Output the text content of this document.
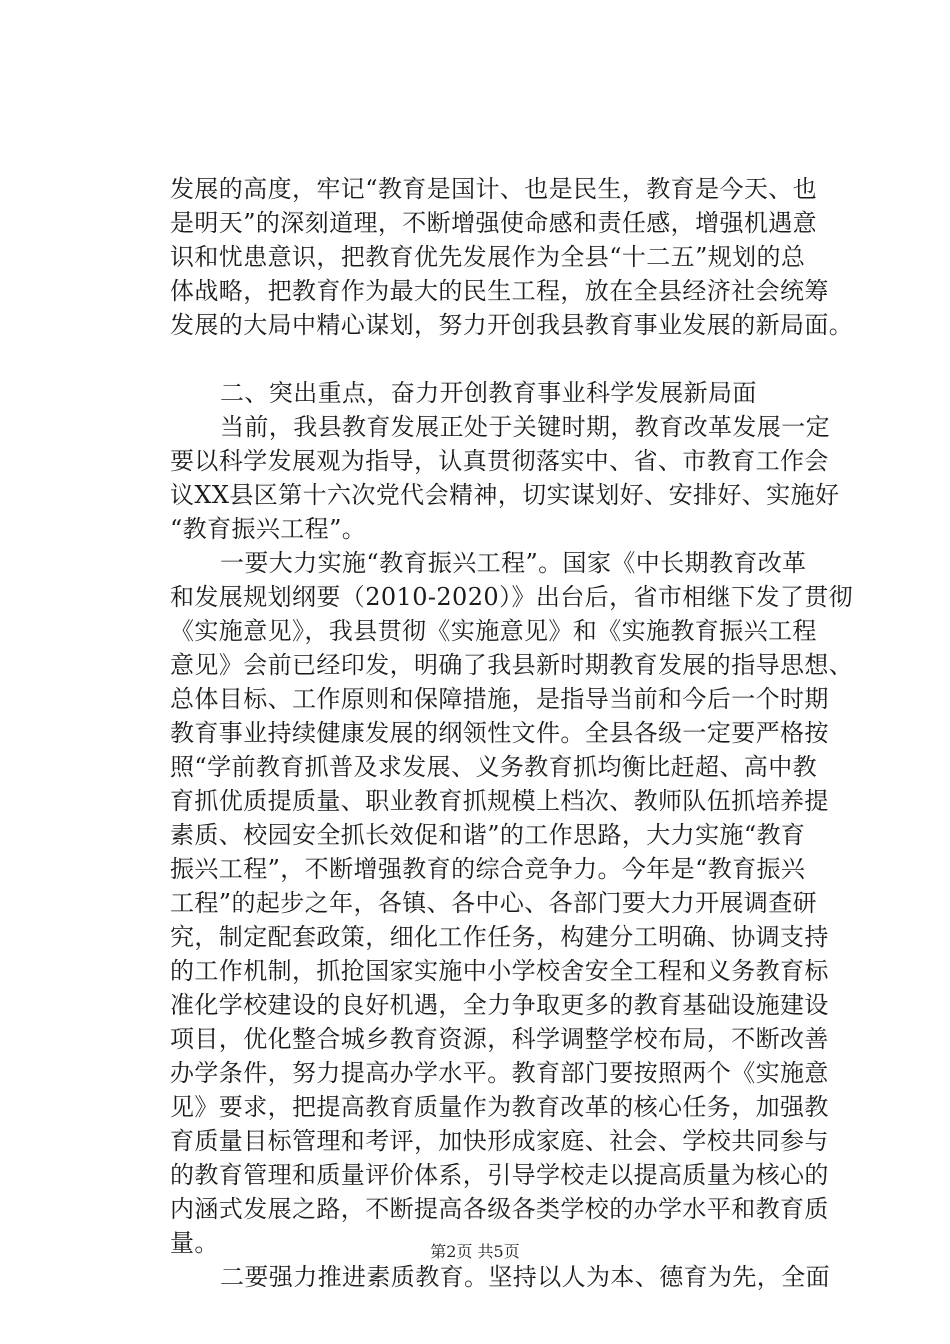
发展的高度，牢记“教育是国计、也是民生，教育是今天、也
是明天”的深刻道理，不断增强使命感和责任感，增强机遇意
识和忧患意识，把教育优先发展作为全县“十二五”规划的总
体战略，把教育作为最大的民生工程，放在全县经济社会统筹
发展的大局中精心谋划，努力开创我县教育事业发展的新局面。
二、突出重点，奋力开创教育事业科学发展新局面
当前，我县教育发展正处于关键时期，教育改革发展一定
要以科学发展观为指导，认真贯彻落实中、省、市教育工作会
议XX县区第十六次党代会精神，切实谋划好、安排好、实施好
“教育振兴工程”。
一要大力实施“教育振兴工程”。国家《中长期教育改革
和发展规划纲要（2010-2020）》出台后，省市相继下发了贯彻
《实施意见》，我县贯彻《实施意见》和《实施教育振兴工程
意见》会前已经印发，明确了我县新时期教育发展的指导思想、
总体目标、工作原则和保障措施，是指导当前和今后一个时期
教育事业持续健康发展的纲领性文件。全县各级一定要严格按
照“学前教育抓普及求发展、义务教育抓均衡比赶超、高中教
育抓优质提质量、职业教育抓规模上档次、教师队伍抓培养提
素质、校园安全抓长效促和谐”的工作思路，大力实施“教育
振兴工程”，不断增强教育的综合竞争力。今年是“教育振兴
工程”的起步之年，各镇、各中心、各部门要大力开展调查研
究，制定配套政策，细化工作任务，构建分工明确、协调支持
的工作机制，抓抢国家实施中小学校舍安全工程和义务教育标
准化学校建设的良好机遇，全力争取更多的教育基础设施建设
项目，优化整合城乡教育资源，科学调整学校布局，不断改善
办学条件，努力提高办学水平。教育部门要按照两个《实施意
见》要求，把提高教育质量作为教育改革的核心任务，加强教
育质量目标管理和考评，加快形成家庭、社会、学校共同参与
的教育管理和质量评价体系，引导学校走以提高质量为核心的
内涵式发展之路，不断提高各级各类学校的办学水平和教育质
量。
二要强力推进素质教育。坚持以人为本、德育为先，全面
第2页 共5页
